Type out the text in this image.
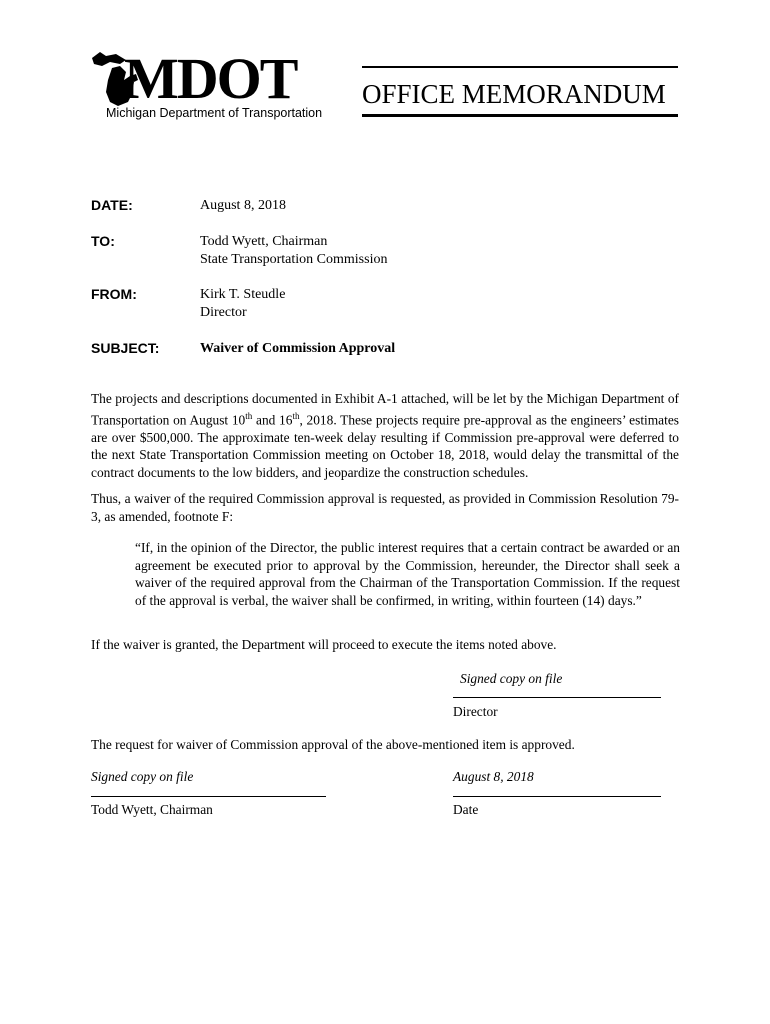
MDOT
Michigan Department of Transportation
OFFICE MEMORANDUM
DATE:	August 8, 2018
TO:	Todd Wyett, Chairman
State Transportation Commission
FROM:	Kirk T. Steudle
Director
SUBJECT:	Waiver of Commission Approval
The projects and descriptions documented in Exhibit A-1 attached, will be let by the Michigan Department of Transportation on August 10th and 16th, 2018. These projects require pre-approval as the engineers’ estimates are over $500,000. The approximate ten-week delay resulting if Commission pre-approval were deferred to the next State Transportation Commission meeting on October 18, 2018, would delay the transmittal of the contract documents to the low bidders, and jeopardize the construction schedules.
Thus, a waiver of the required Commission approval is requested, as provided in Commission Resolution 79-3, as amended, footnote F:
“If, in the opinion of the Director, the public interest requires that a certain contract be awarded or an agreement be executed prior to approval by the Commission, hereunder, the Director shall seek a waiver of the required approval from the Chairman of the Transportation Commission. If the request of the approval is verbal, the waiver shall be confirmed, in writing, within fourteen (14) days.”
If the waiver is granted, the Department will proceed to execute the items noted above.
Signed copy on file
Director
The request for waiver of Commission approval of the above-mentioned item is approved.
Signed copy on file
Todd Wyett, Chairman
August 8, 2018
Date
